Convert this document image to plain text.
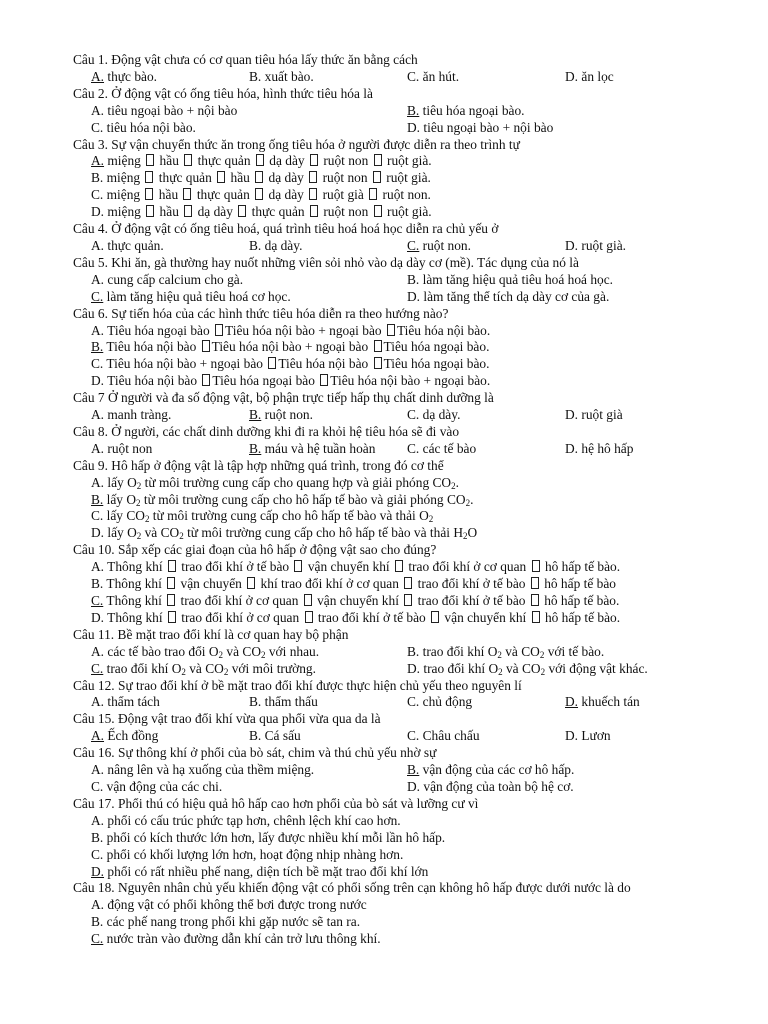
Câu 1. Động vật chưa có cơ quan tiêu hóa lấy thức ăn bằng cách
A. thực bào.	B. xuất bào.	C. ăn hút.	D. ăn lọc
Câu 2. Ở động vật có ống tiêu hóa, hình thức tiêu hóa là
A. tiêu ngoại bào + nội bào	B. tiêu hóa ngoại bào.
C. tiêu hóa nội bào.	D. tiêu ngoại bào + nội bào
Câu 3. Sự vận chuyển thức ăn trong ống tiêu hóa ở người được diễn ra theo trình tự
A. miệng  hầu  thực quản  dạ dày  ruột non  ruột già.
B. miệng  thực quản  hầu  dạ dày  ruột non  ruột già.
C. miệng  hầu  thực quản  dạ dày  ruột già  ruột non.
D. miệng  hầu  dạ dày  thực quản  ruột non  ruột già.
Câu 4. Ở động vật có ống tiêu hoá, quá trình tiêu hoá hoá học diễn ra chủ yếu ở
A. thực quản.	B. dạ dày.	C. ruột non.	D. ruột già.
Câu 5. Khi ăn, gà thường hay nuốt những viên sỏi nhỏ vào dạ dày cơ (mề). Tác dụng của nó là
A. cung cấp calcium cho gà.	B. làm tăng hiệu quả tiêu hoá hoá học.
C. làm tăng hiệu quả tiêu hoá cơ học.	D. làm tăng thể tích dạ dày cơ của gà.
Câu 6. Sự tiến hóa của các hình thức tiêu hóa diễn ra theo hướng nào?
A. Tiêu hóa ngoại bào Tiêu hóa nội bào + ngoại bào Tiêu hóa nội bào.
B. Tiêu hóa nội bào Tiêu hóa nội bào + ngoại bào Tiêu hóa ngoại bào.
C. Tiêu hóa nội bào + ngoại bào Tiêu hóa nội bào Tiêu hóa ngoại bào.
D. Tiêu hóa nội bào Tiêu hóa ngoại bào Tiêu hóa nội bào + ngoại bào.
Câu 7 Ở người và đa số động vật, bộ phận trực tiếp hấp thụ chất dinh dưỡng là
A. manh tràng.	B. ruột non.	C. dạ dày.	D. ruột già
Câu 8. Ở người, các chất dinh dưỡng khi đi ra khỏi hệ tiêu hóa sẽ đi vào
A. ruột non	B. máu và hệ tuần hoàn	C. các tế bào	D. hệ hô hấp
Câu 9. Hô hấp ở động vật là tập hợp những quá trình, trong đó cơ thể
A. lấy $O_2$ từ môi trường cung cấp cho quang hợp và giải phóng $CO_2$.
B. lấy $O_2$ từ môi trường cung cấp cho hô hấp tế bào và giải phóng $CO_2$.
C. lấy $CO_2$ từ môi trường cung cấp cho hô hấp tế bào và thải $O_2$
D. lấy $O_2$ và $CO_2$ từ môi trường cung cấp cho hô hấp tế bào và thải $H_2O$
Câu 10. Sắp xếp các giai đoạn của hô hấp ở động vật sao cho đúng?
A. Thông khí  trao đổi khí ở tế bào  vận chuyển khí  trao đổi khí ở cơ quan  hô hấp tế bào.
B. Thông khí  vận chuyển  khí trao đổi khí ở cơ quan  trao đổi khí ở tế bào  hô hấp tế bào
C. Thông khí  trao đổi khí ở cơ quan  vận chuyển khí  trao đổi khí ở tế bào  hô hấp tế bào.
D. Thông khí  trao đổi khí ở cơ quan  trao đổi khí ở tế bào  vận chuyển khí  hô hấp tế bào.
Câu 11. Bề mặt trao đổi khí là cơ quan hay bộ phận
A. các tế bào trao đổi $O_2$ và $CO_2$ với nhau.	B. trao đổi khí $O_2$ và $CO_2$ với tế bào.
C. trao đổi khí $O_2$ và $CO_2$ với môi trường.	D. trao đổi khí $O_2$ và $CO_2$ với động vật khác.
Câu 12. Sự trao đổi khí ở bề mặt trao đổi khí được thực hiện chủ yếu theo nguyên lí
A. thẩm tách	B. thẩm thấu	C. chủ động	D. khuếch tán
Câu 15. Động vật trao đổi khí vừa qua phổi vừa qua da là
A. Ếch đồng	B. Cá sấu	C. Châu chấu	D. Lươn
Câu 16. Sự thông khí ở phổi của bò sát, chim và thú chủ yếu nhờ sự
A. nâng lên và hạ xuống của thềm miệng.	B. vận động của các cơ hô hấp.
C. vận động của các chi.	D. vận động của toàn bộ hệ cơ.
Câu 17. Phổi thú có hiệu quả hô hấp cao hơn phổi của bò sát và lưỡng cư vì
A. phổi có cấu trúc phức tạp hơn, chênh lệch khí cao hơn.
B. phổi có kích thước lớn hơn, lấy được nhiều khí mỗi lần hô hấp.
C. phổi có khối lượng lớn hơn, hoạt động nhịp nhàng hơn.
D. phổi có rất nhiều phế nang, diện tích bề mặt trao đổi khí lớn
Câu 18. Nguyên nhân chủ yếu khiến động vật có phổi sống trên cạn không hô hấp được dưới nước là do
A. động vật có phổi không thể bơi được trong nước
B. các phế nang trong phổi khi gặp nước sẽ tan ra.
C. nước tràn vào đường dẫn khí cản trở lưu thông khí.
